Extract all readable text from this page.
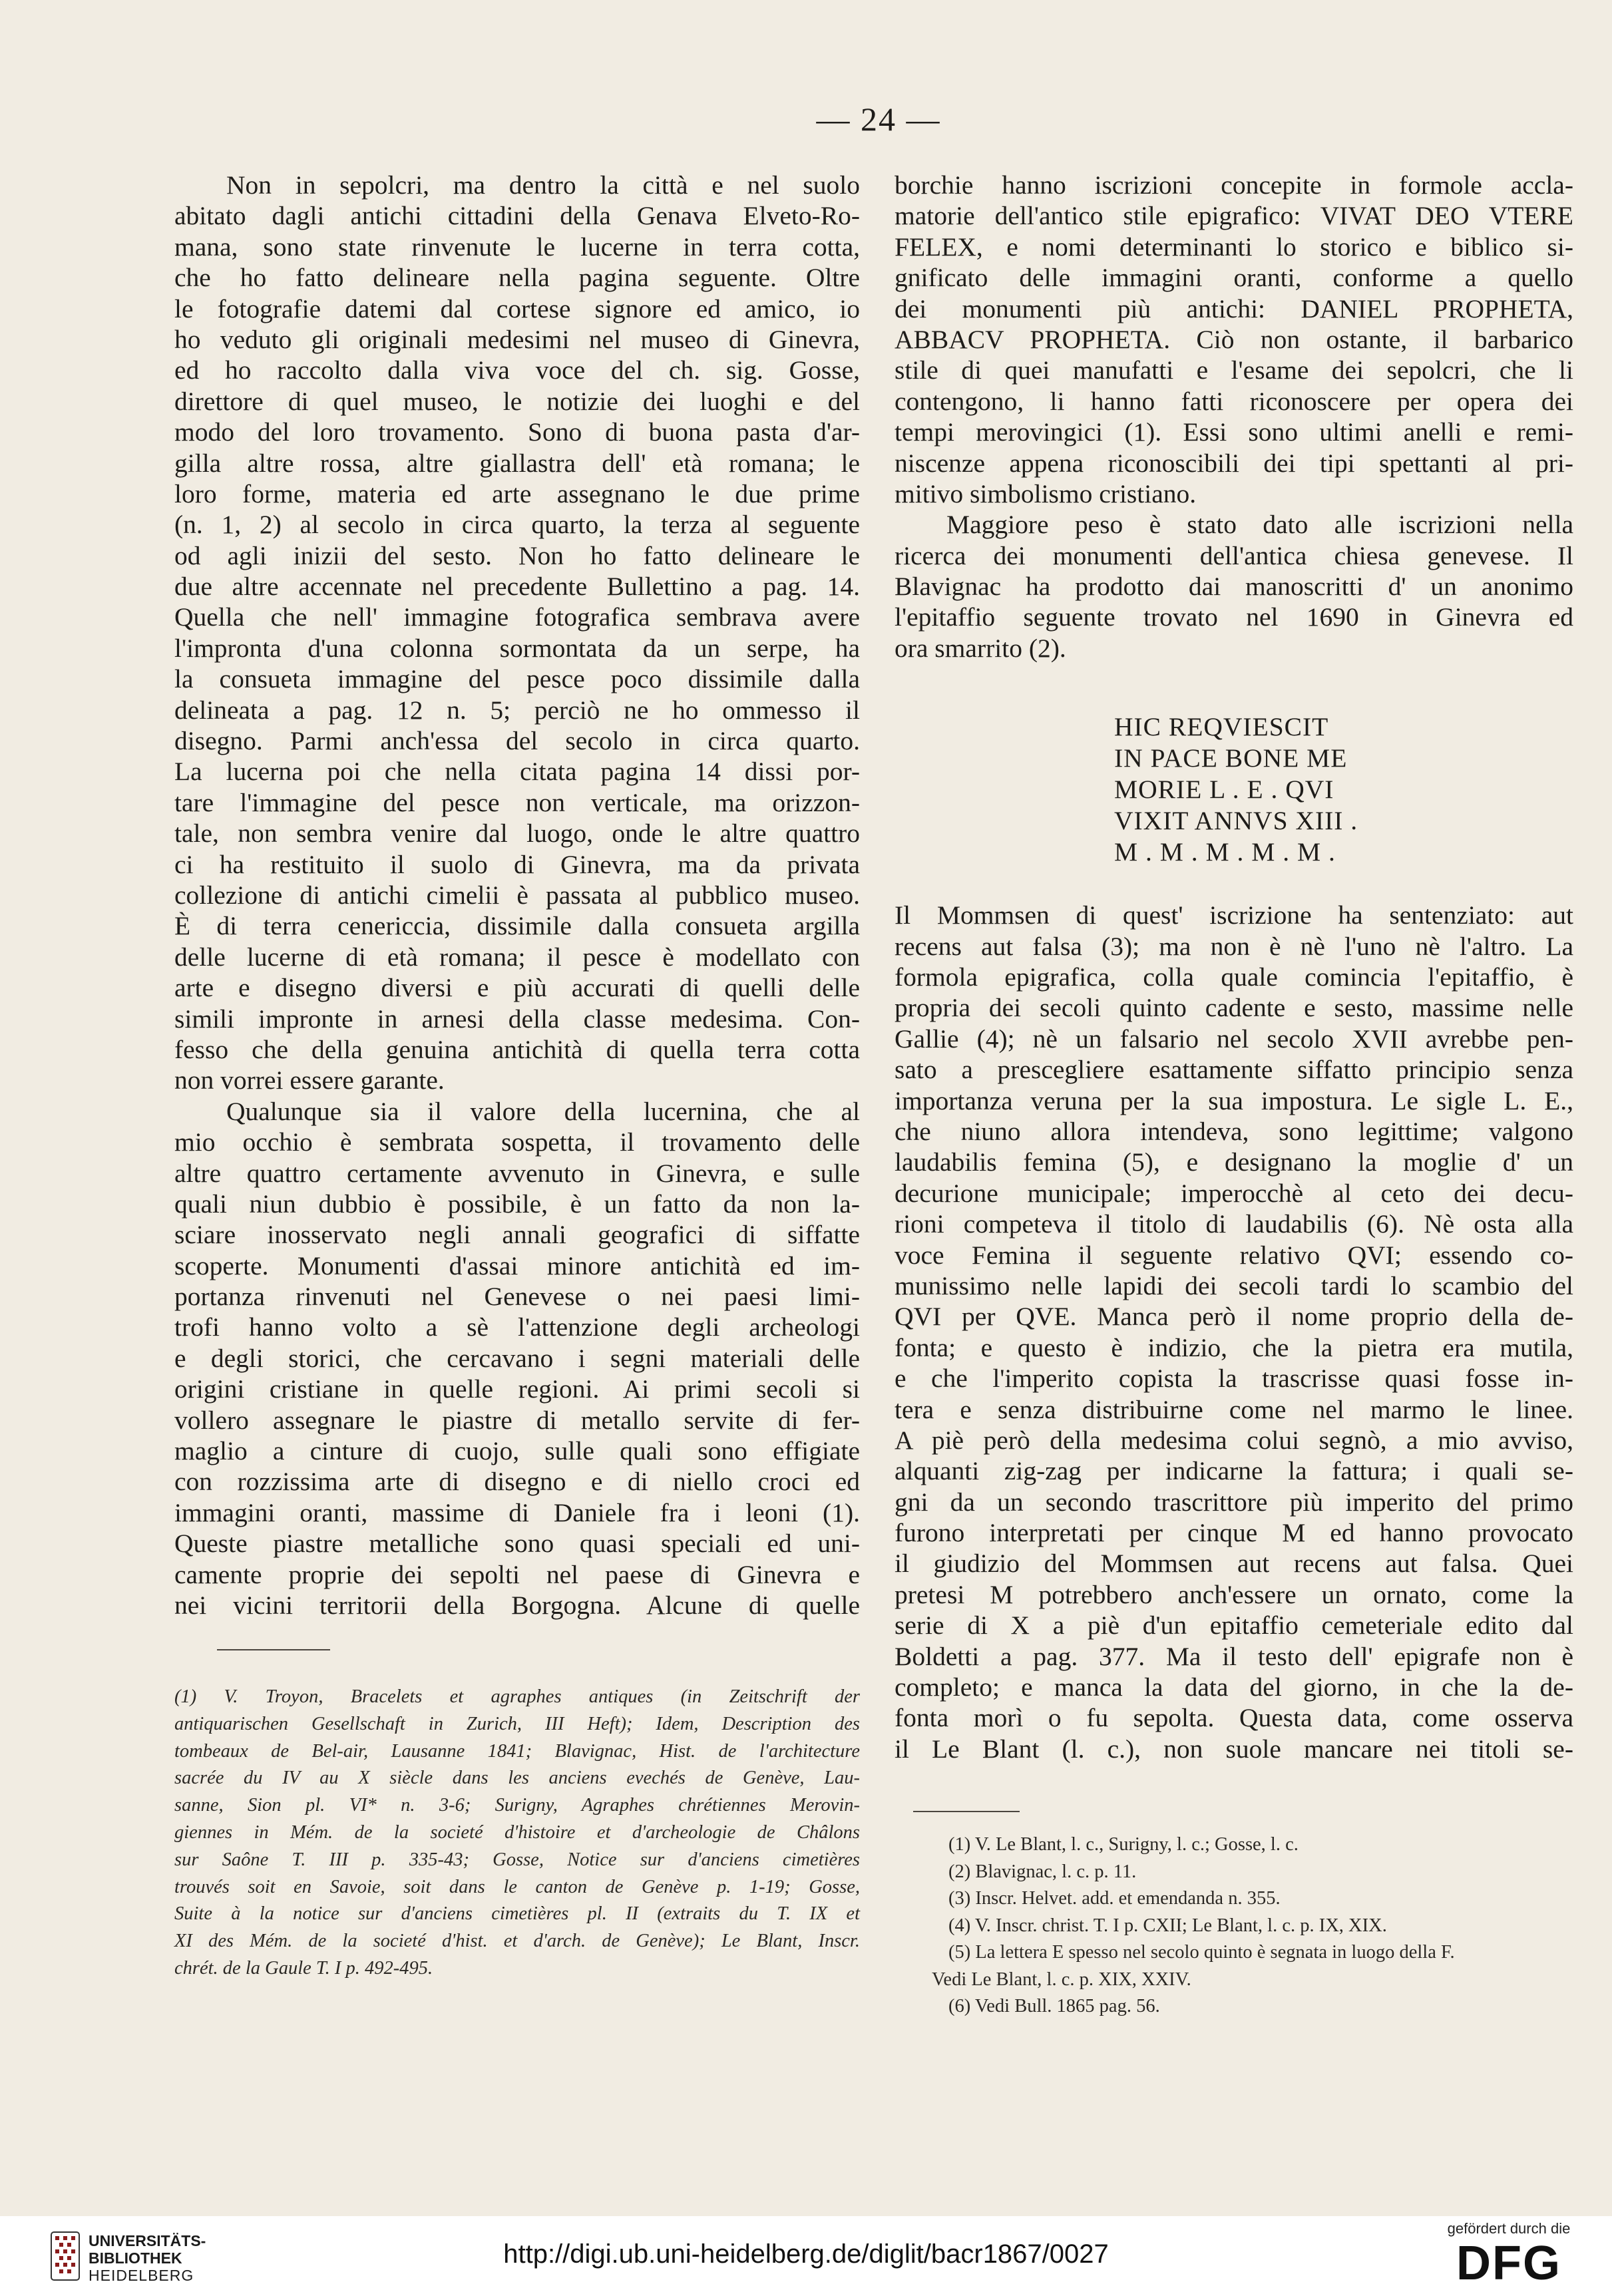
— 24 —
Non in sepolcri, ma dentro la città e nel suolo
abitato dagli antichi cittadini della Genava Elveto-Ro-
mana, sono state rinvenute le lucerne in terra cotta,
che ho fatto delineare nella pagina seguente. Oltre
le fotografie datemi dal cortese signore ed amico, io
ho veduto gli originali medesimi nel museo di Ginevra,
ed ho raccolto dalla viva voce del ch. sig. Gosse,
direttore di quel museo, le notizie dei luoghi e del
modo del loro trovamento. Sono di buona pasta d'ar-
gilla altre rossa, altre giallastra dell' età romana; le
loro forme, materia ed arte assegnano le due prime
(n. 1, 2) al secolo in circa quarto, la terza al seguente
od agli inizii del sesto. Non ho fatto delineare le
due altre accennate nel precedente Bullettino a pag. 14.
Quella che nell' immagine fotografica sembrava avere
l'impronta d'una colonna sormontata da un serpe, ha
la consueta immagine del pesce poco dissimile dalla
delineata a pag. 12 n. 5; perciò ne ho ommesso il
disegno. Parmi anch'essa del secolo in circa quarto.
La lucerna poi che nella citata pagina 14 dissi por-
tare l'immagine del pesce non verticale, ma orizzon-
tale, non sembra venire dal luogo, onde le altre quattro
ci ha restituito il suolo di Ginevra, ma da privata
collezione di antichi cimelii è passata al pubblico museo.
È di terra cenericcia, dissimile dalla consueta argilla
delle lucerne di età romana; il pesce è modellato con
arte e disegno diversi e più accurati di quelli delle
simili impronte in arnesi della classe medesima. Con-
fesso che della genuina antichità di quella terra cotta
non vorrei essere garante.
Qualunque sia il valore della lucernina, che al
mio occhio è sembrata sospetta, il trovamento delle
altre quattro certamente avvenuto in Ginevra, e sulle
quali niun dubbio è possibile, è un fatto da non la-
sciare inosservato negli annali geografici di siffatte
scoperte. Monumenti d'assai minore antichità ed im-
portanza rinvenuti nel Genevese o nei paesi limi-
trofi hanno volto a sè l'attenzione degli archeologi
e degli storici, che cercavano i segni materiali delle
origini cristiane in quelle regioni. Ai primi secoli si
vollero assegnare le piastre di metallo servite di fer-
maglio a cinture di cuojo, sulle quali sono effigiate
con rozzissima arte di disegno e di niello croci ed
immagini oranti, massime di Daniele fra i leoni (1).
Queste piastre metalliche sono quasi speciali ed uni-
camente proprie dei sepolti nel paese di Ginevra e
nei vicini territorii della Borgogna. Alcune di quelle
borchie hanno iscrizioni concepite in formole accla-
matorie dell'antico stile epigrafico: VIVAT DEO VTERE
FELEX, e nomi determinanti lo storico e biblico si-
gnificato delle immagini oranti, conforme a quello
dei monumenti più antichi: DANIEL PROPHETA,
ABBACV PROPHETA. Ciò non ostante, il barbarico
stile di quei manufatti e l'esame dei sepolcri, che li
contengono, li hanno fatti riconoscere per opera dei
tempi merovingici (1). Essi sono ultimi anelli e remi-
niscenze appena riconoscibili dei tipi spettanti al pri-
mitivo simbolismo cristiano.
Maggiore peso è stato dato alle iscrizioni nella
ricerca dei monumenti dell'antica chiesa genevese. Il
Blavignac ha prodotto dai manoscritti d' un anonimo
l'epitaffio seguente trovato nel 1690 in Ginevra ed
ora smarrito (2).
HIC REQVIESCIT
IN PACE BONE ME
MORIE L . E . QVI
VIXIT ANNVS XIII .
M . M . M . M . M .
Il Mommsen di quest' iscrizione ha sentenziato: aut
recens aut falsa (3); ma non è nè l'uno nè l'altro. La
formola epigrafica, colla quale comincia l'epitaffio, è
propria dei secoli quinto cadente e sesto, massime nelle
Gallie (4); nè un falsario nel secolo XVII avrebbe pen-
sato a prescegliere esattamente siffatto principio senza
importanza veruna per la sua impostura. Le sigle L. E.,
che niuno allora intendeva, sono legittime; valgono
laudabilis femina (5), e designano la moglie d' un
decurione municipale; imperocchè al ceto dei decu-
rioni competeva il titolo di laudabilis (6). Nè osta alla
voce Femina il seguente relativo QVI; essendo co-
munissimo nelle lapidi dei secoli tardi lo scambio del
QVI per QVE. Manca però il nome proprio della de-
fonta; e questo è indizio, che la pietra era mutila,
e che l'imperito copista la trascrisse quasi fosse in-
tera e senza distribuirne come nel marmo le linee.
A piè però della medesima colui segnò, a mio avviso,
alquanti zig-zag per indicarne la fattura; i quali se-
gni da un secondo trascrittore più imperito del primo
furono interpretati per cinque M ed hanno provocato
il giudizio del Mommsen aut recens aut falsa. Quei
pretesi M potrebbero anch'essere un ornato, come la
serie di X a piè d'un epitaffio cemeteriale edito dal
Boldetti a pag. 377. Ma il testo dell' epigrafe non è
completo; e manca la data del giorno, in che la de-
fonta morì o fu sepolta. Questa data, come osserva
il Le Blant (l. c.), non suole mancare nei titoli se-
(1) V. Troyon, Bracelets et agraphes antiques (in Zeitschrift der
antiquarischen Gesellschaft in Zurich, III Heft); Idem, Description des
tombeaux de Bel-air, Lausanne 1841; Blavignac, Hist. de l'architecture
sacrée du IV au X siècle dans les anciens evechés de Genève, Lau-
sanne, Sion pl. VI* n. 3-6; Surigny, Agraphes chrétiennes Merovin-
giennes in Mém. de la societé d'histoire et d'archeologie de Châlons
sur Saône T. III p. 335-43; Gosse, Notice sur d'anciens cimetières
trouvés soit en Savoie, soit dans le canton de Genève p. 1-19; Gosse,
Suite à la notice sur d'anciens cimetières pl. II (extraits du T. IX et
XI des Mém. de la societé d'hist. et d'arch. de Genève); Le Blant, Inscr.
chrét. de la Gaule T. I p. 492-495.
(1) V. Le Blant, l. c., Surigny, l. c.; Gosse, l. c.
(2) Blavignac, l. c. p. 11.
(3) Inscr. Helvet. add. et emendanda n. 355.
(4) V. Inscr. christ. T. I p. CXII; Le Blant, l. c. p. IX, XIX.
(5) La lettera E spesso nel secolo quinto è segnata in luogo della F.
Vedi Le Blant, l. c. p. XIX, XXIV.
(6) Vedi Bull. 1865 pag. 56.
UNIVERSITÄTS-
BIBLIOTHEK
HEIDELBERG
http://digi.ub.uni-heidelberg.de/diglit/bacr1867/0027
gefördert durch die
DFG
